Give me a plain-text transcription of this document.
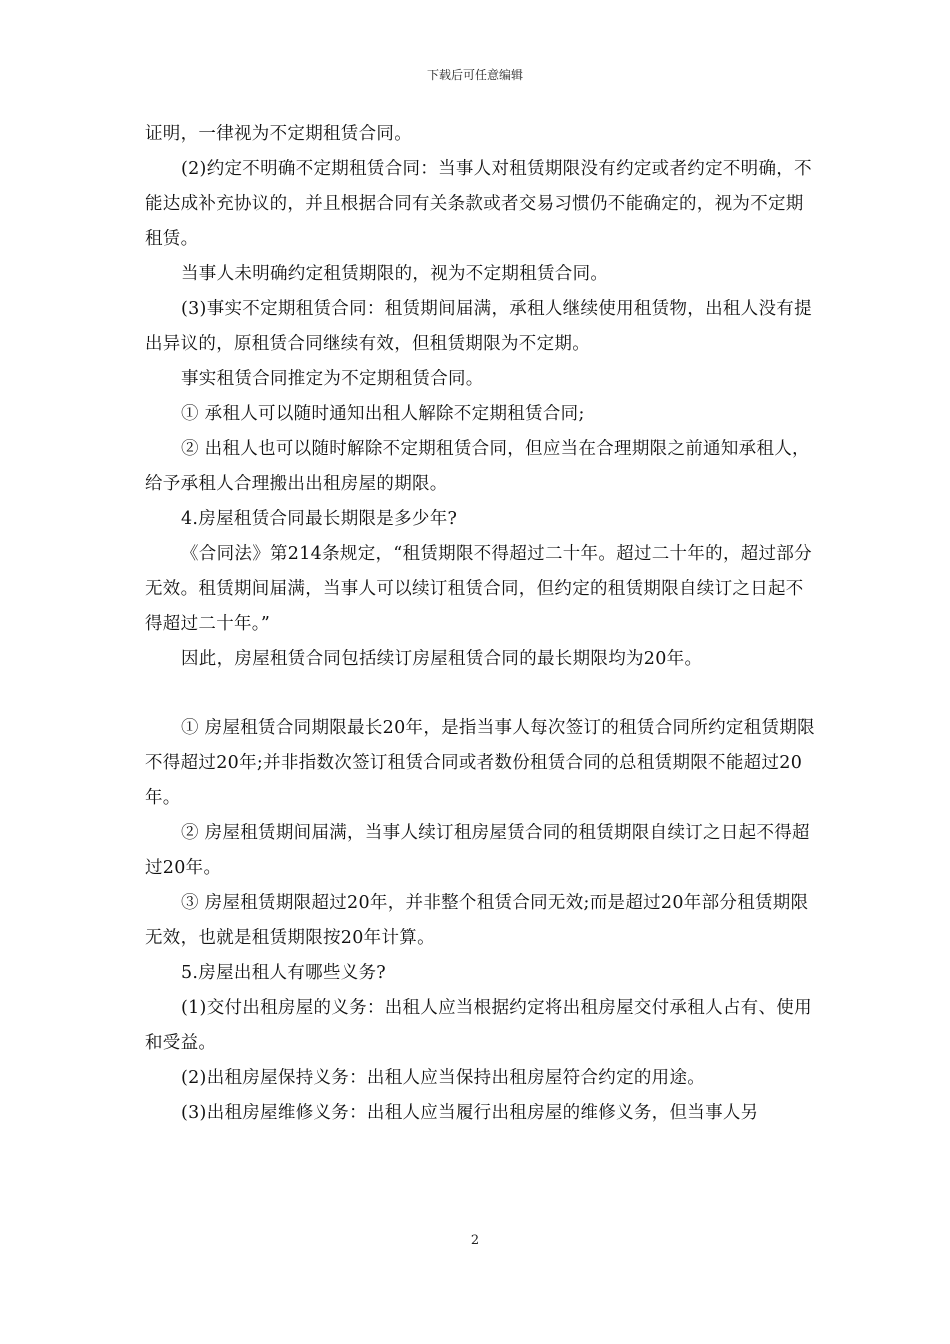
下载后可任意编辑

证明，一律视为不定期租赁合同。

(2)约定不明确不定期租赁合同：当事人对租赁期限没有约定或者约定不明确，不能达成补充协议的，并且根据合同有关条款或者交易习惯仍不能确定的，视为不定期租赁。

当事人未明确约定租赁期限的，视为不定期租赁合同。

(3)事实不定期租赁合同：租赁期间届满，承租人继续使用租赁物，出租人没有提出异议的，原租赁合同继续有效，但租赁期限为不定期。

事实租赁合同推定为不定期租赁合同。

① 承租人可以随时通知出租人解除不定期租赁合同;

② 出租人也可以随时解除不定期租赁合同，但应当在合理期限之前通知承租人，给予承租人合理搬出出租房屋的期限。

4.房屋租赁合同最长期限是多少年?

《合同法》第214条规定，“租赁期限不得超过二十年。超过二十年的，超过部分无效。租赁期间届满，当事人可以续订租赁合同，但约定的租赁期限自续订之日起不得超过二十年。”

因此，房屋租赁合同包括续订房屋租赁合同的最长期限均为20年。

① 房屋租赁合同期限最长20年，是指当事人每次签订的租赁合同所约定租赁期限不得超过20年;并非指数次签订租赁合同或者数份租赁合同的总租赁期限不能超过20年。

② 房屋租赁期间届满，当事人续订租房屋赁合同的租赁期限自续订之日起不得超过20年。

③ 房屋租赁期限超过20年，并非整个租赁合同无效;而是超过20年部分租赁期限无效，也就是租赁期限按20年计算。

5.房屋出租人有哪些义务?

(1)交付出租房屋的义务：出租人应当根据约定将出租房屋交付承租人占有、使用和受益。

(2)出租房屋保持义务：出租人应当保持出租房屋符合约定的用途。

(3)出租房屋维修义务：出租人应当履行出租房屋的维修义务，但当事人另

2
